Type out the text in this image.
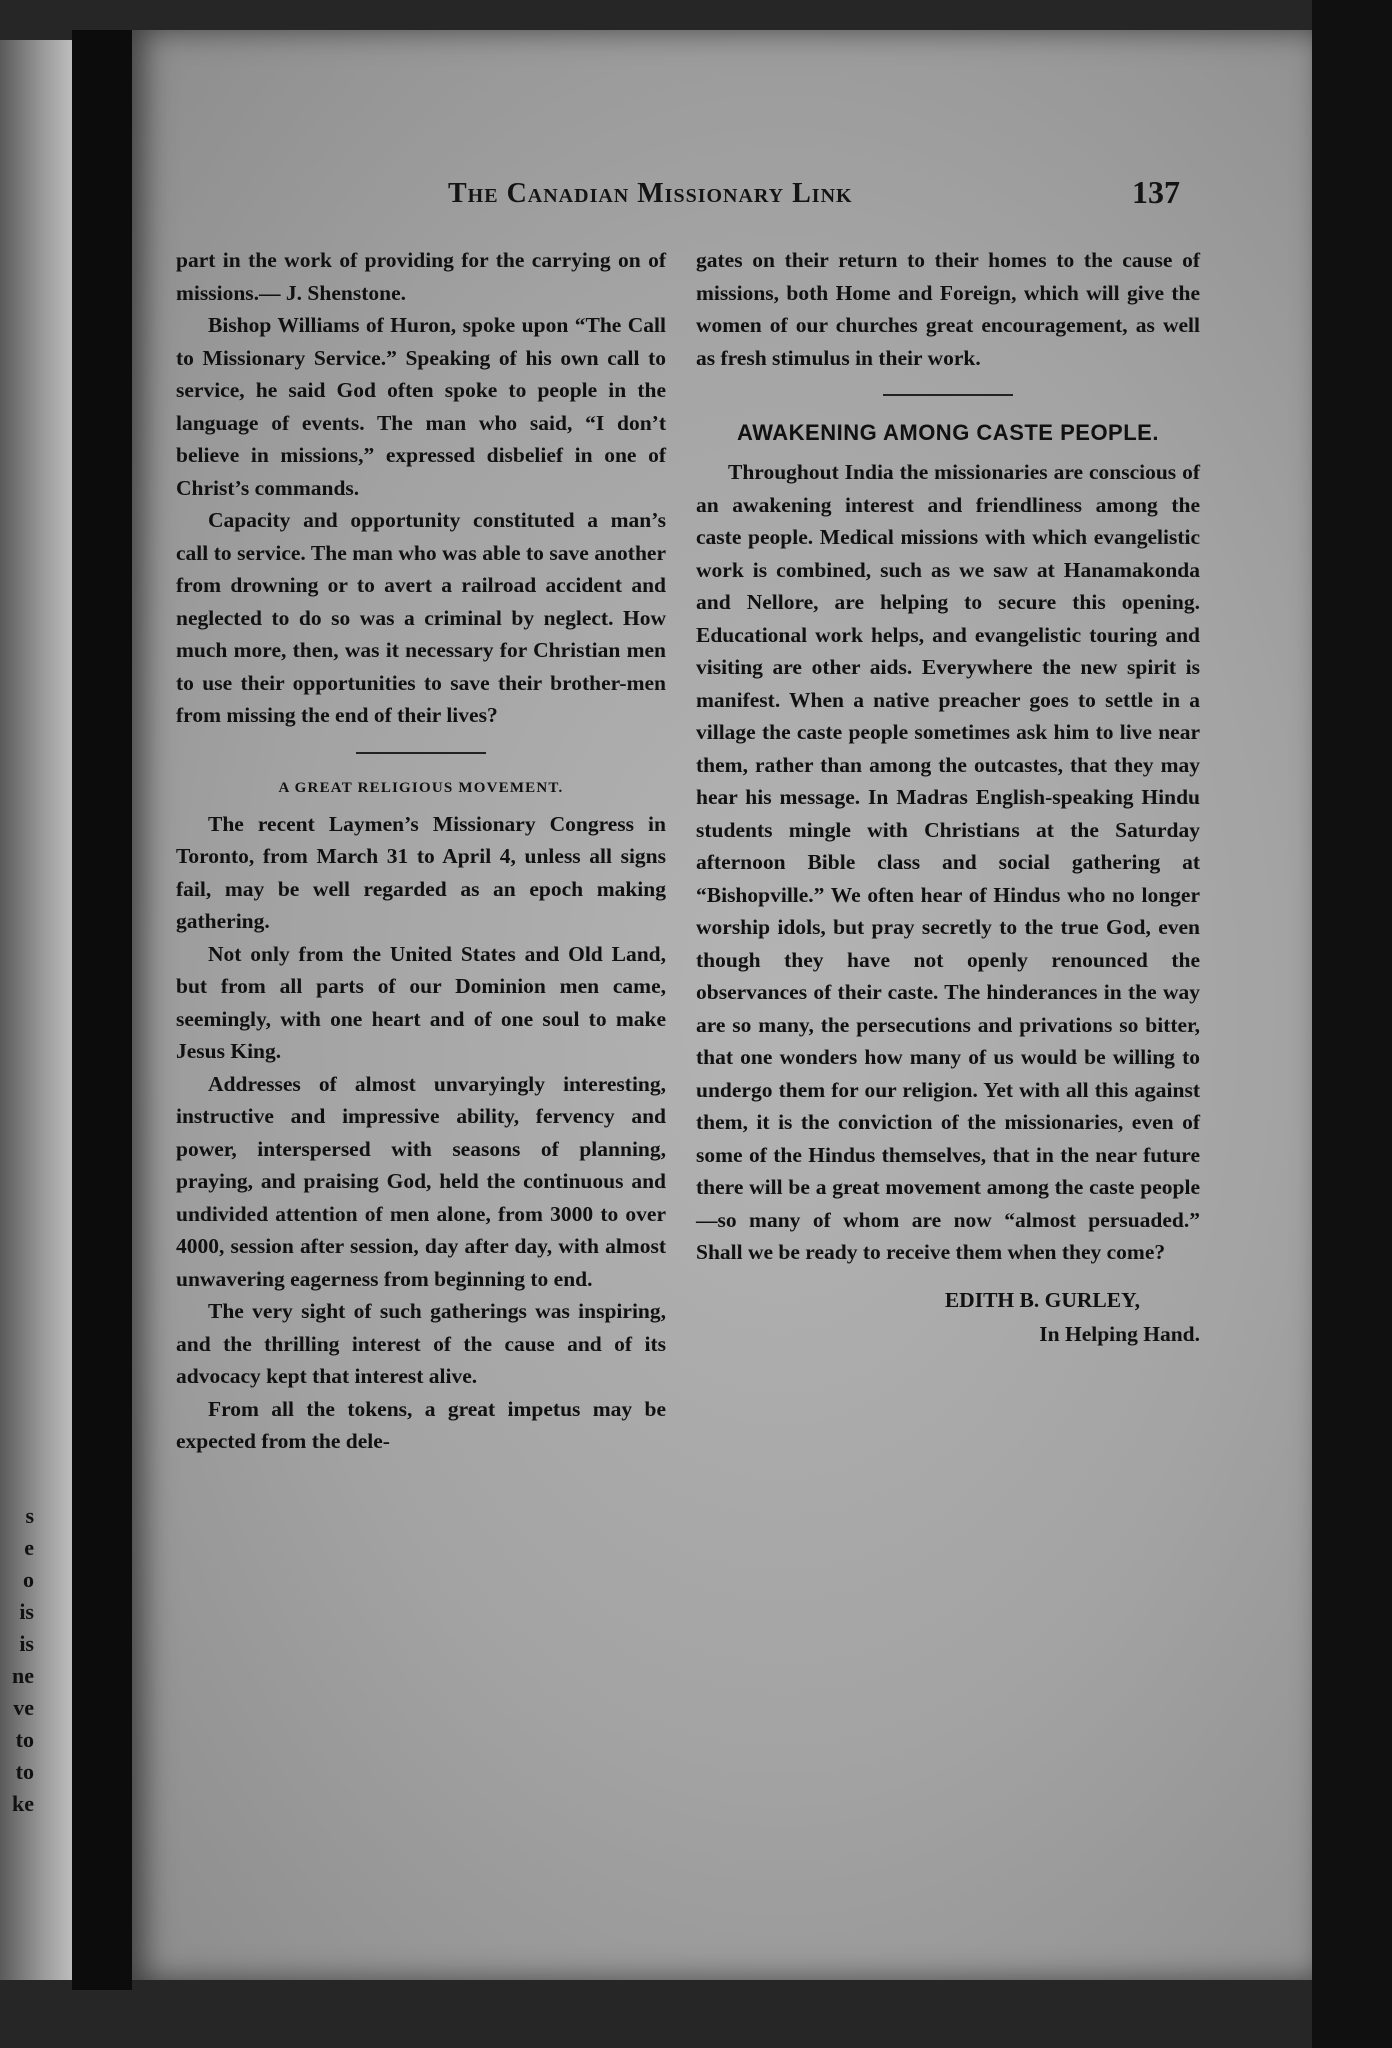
s
e
o
is
is
ne
ve
to
to
ke
The Canadian Missionary Link	137

part in the work of providing for the carrying on of missions.— J. Shenstone.

Bishop Williams of Huron, spoke upon “The Call to Missionary Service.” Speaking of his own call to service, he said God often spoke to people in the language of events. The man who said, “I don’t believe in missions,” expressed disbelief in one of Christ’s commands.

Capacity and opportunity constituted a man’s call to service. The man who was able to save another from drowning or to avert a railroad accident and neglected to do so was a criminal by neglect. How much more, then, was it necessary for Christian men to use their opportunities to save their brother-men from missing the end of their lives?

A GREAT RELIGIOUS MOVEMENT.

The recent Laymen’s Missionary Congress in Toronto, from March 31 to April 4, unless all signs fail, may be well regarded as an epoch making gathering.

Not only from the United States and Old Land, but from all parts of our Dominion men came, seemingly, with one heart and of one soul to make Jesus King.

Addresses of almost unvaryingly interesting, instructive and impressive ability, fervency and power, interspersed with seasons of planning, praying, and praising God, held the continuous and undivided attention of men alone, from 3000 to over 4000, session after session, day after day, with almost unwavering eagerness from beginning to end.

The very sight of such gatherings was inspiring, and the thrilling interest of the cause and of its advocacy kept that interest alive.

From all the tokens, a great impetus may be expected from the dele-

gates on their return to their homes to the cause of missions, both Home and Foreign, which will give the women of our churches great encouragement, as well as fresh stimulus in their work.

AWAKENING AMONG CASTE PEOPLE.

Throughout India the missionaries are conscious of an awakening interest and friendliness among the caste people. Medical missions with which evangelistic work is combined, such as we saw at Hanamakonda and Nellore, are helping to secure this opening. Educational work helps, and evangelistic touring and visiting are other aids. Everywhere the new spirit is manifest. When a native preacher goes to settle in a village the caste people sometimes ask him to live near them, rather than among the outcastes, that they may hear his message. In Madras English-speaking Hindu students mingle with Christians at the Saturday afternoon Bible class and social gathering at “Bishopville.” We often hear of Hindus who no longer worship idols, but pray secretly to the true God, even though they have not openly renounced the observances of their caste. The hinderances in the way are so many, the persecutions and privations so bitter, that one wonders how many of us would be willing to undergo them for our religion. Yet with all this against them, it is the conviction of the missionaries, even of some of the Hindus themselves, that in the near future there will be a great movement among the caste people—so many of whom are now “almost persuaded.” Shall we be ready to receive them when they come?

EDITH B. GURLEY,
In Helping Hand.
